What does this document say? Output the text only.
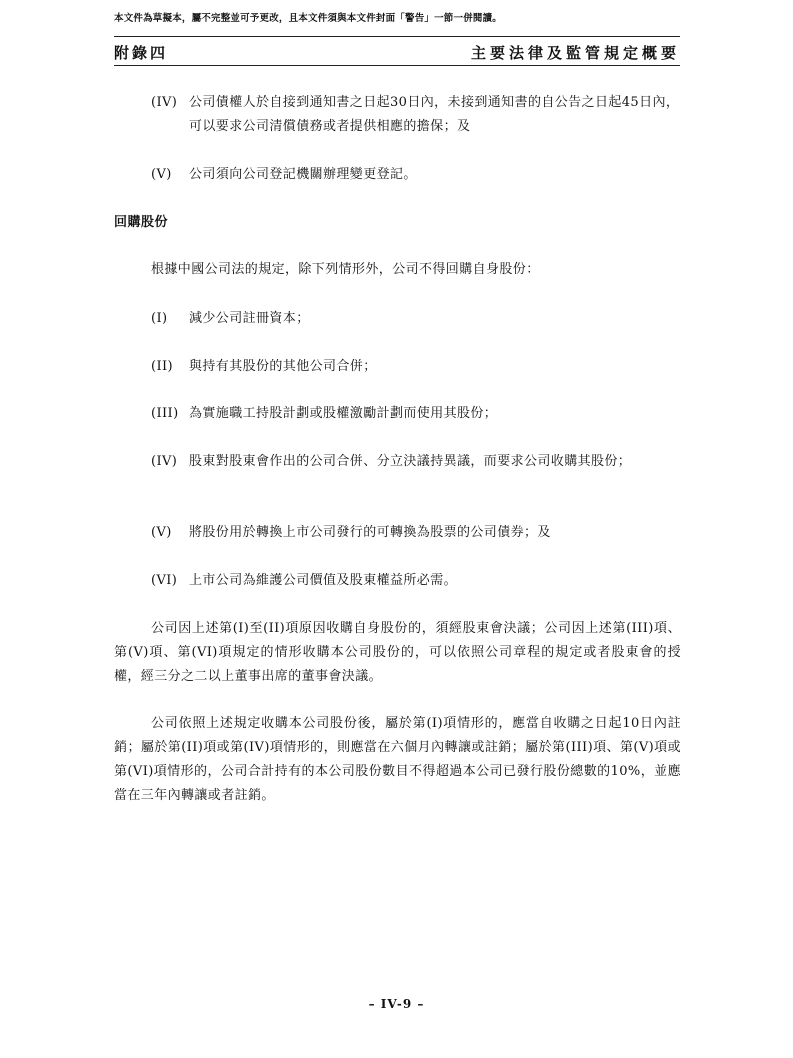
本文件為草擬本，屬不完整並可予更改，且本文件須與本文件封面「警告」一節一併閱讀。
附錄四	主要法律及監管規定概要
(IV) 公司債權人於自接到通知書之日起30日內，未接到通知書的自公告之日起45日內，可以要求公司清償債務或者提供相應的擔保；及
(V) 公司須向公司登記機關辦理變更登記。
回購股份
根據中國公司法的規定，除下列情形外，公司不得回購自身股份：
(I) 減少公司註冊資本；
(II) 與持有其股份的其他公司合併；
(III) 為實施職工持股計劃或股權激勵計劃而使用其股份；
(IV) 股東對股東會作出的公司合併、分立決議持異議，而要求公司收購其股份；
(V) 將股份用於轉換上市公司發行的可轉換為股票的公司債券；及
(VI) 上市公司為維護公司價值及股東權益所必需。
公司因上述第(I)至(II)項原因收購自身股份的，須經股東會決議；公司因上述第(III)項、第(V)項、第(VI)項規定的情形收購本公司股份的，可以依照公司章程的規定或者股東會的授權，經三分之二以上董事出席的董事會決議。
公司依照上述規定收購本公司股份後，屬於第(I)項情形的，應當自收購之日起10日內註銷；屬於第(II)項或第(IV)項情形的，則應當在六個月內轉讓或註銷；屬於第(III)項、第(V)項或第(VI)項情形的，公司合計持有的本公司股份數目不得超過本公司已發行股份總數的10%，並應當在三年內轉讓或者註銷。
– IV-9 –
